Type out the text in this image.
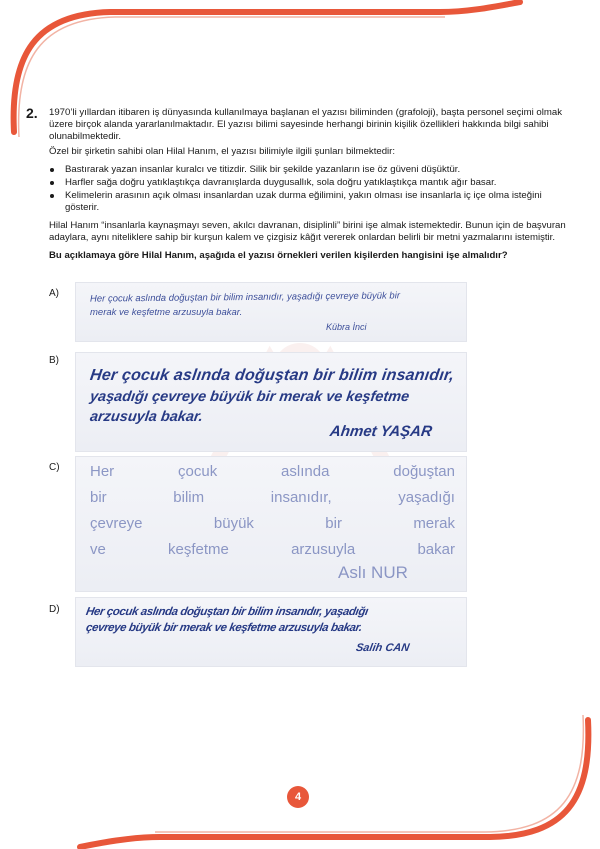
2. 1970’li yıllardan itibaren iş dünyasında kullanılmaya başlanan el yazısı biliminden (grafoloji), başta personel seçimi olmak üzere birçok alanda yararlanılmaktadır. El yazısı bilimi sayesinde herhangi birinin kişilik özellikleri hakkında bilgi sahibi olunabilmektedir.

Özel bir şirketin sahibi olan Hilal Hanım, el yazısı bilimiyle ilgili şunları bilmektedir:

Bastırarak yazan insanlar kuralcı ve titizdir. Silik bir şekilde yazanların ise öz güveni düşüktür.
Harfler sağa doğru yatıklaştıkça davranışlarda duygusallık, sola doğru yatıklaştıkça mantık ağır basar.
Kelimelerin arasının açık olması insanlardan uzak durma eğilimini, yakın olması ise insanlarla iç içe olma isteğini gösterir.

Hilal Hanım “insanlarla kaynaşmayı seven, akılcı davranan, disiplinli” birini işe almak istemektedir. Bunun için de başvuran adaylara, aynı niteliklere sahip bir kurşun kalem ve çizgisiz kâğıt vererek onlardan belirli bir metni yazmalarını istemiştir.

Bu açıklamaya göre Hilal Hanım, aşağıda el yazısı örnekleri verilen kişilerden hangisini işe almalıdır?

A)	Her çocuk aslında doğuştan bir bilim insanıdır, yaşadığı çevreye büyük bir
merak ve keşfetme arzusuyla bakar.
Kübra İnci
B)
Her çocuk aslında doğuştan bir bilim insanıdır,
yaşadığı çevreye büyük bir merak ve keşfetme
arzusuyla bakar.
Ahmet YAŞAR
C) Her	çocuk	aslında	doğuştan
bir	bilim	insanıdır,	yaşadığı
çevreye	büyük	bir	merak
ve	keşfetme	arzusuyla	bakar
Aslı NUR
D) Her çocuk aslında doğuştan bir bilim insanıdır, yaşadığı
çevreye büyük bir merak ve keşfetme arzusuyla bakar.
Salih CAN
4
